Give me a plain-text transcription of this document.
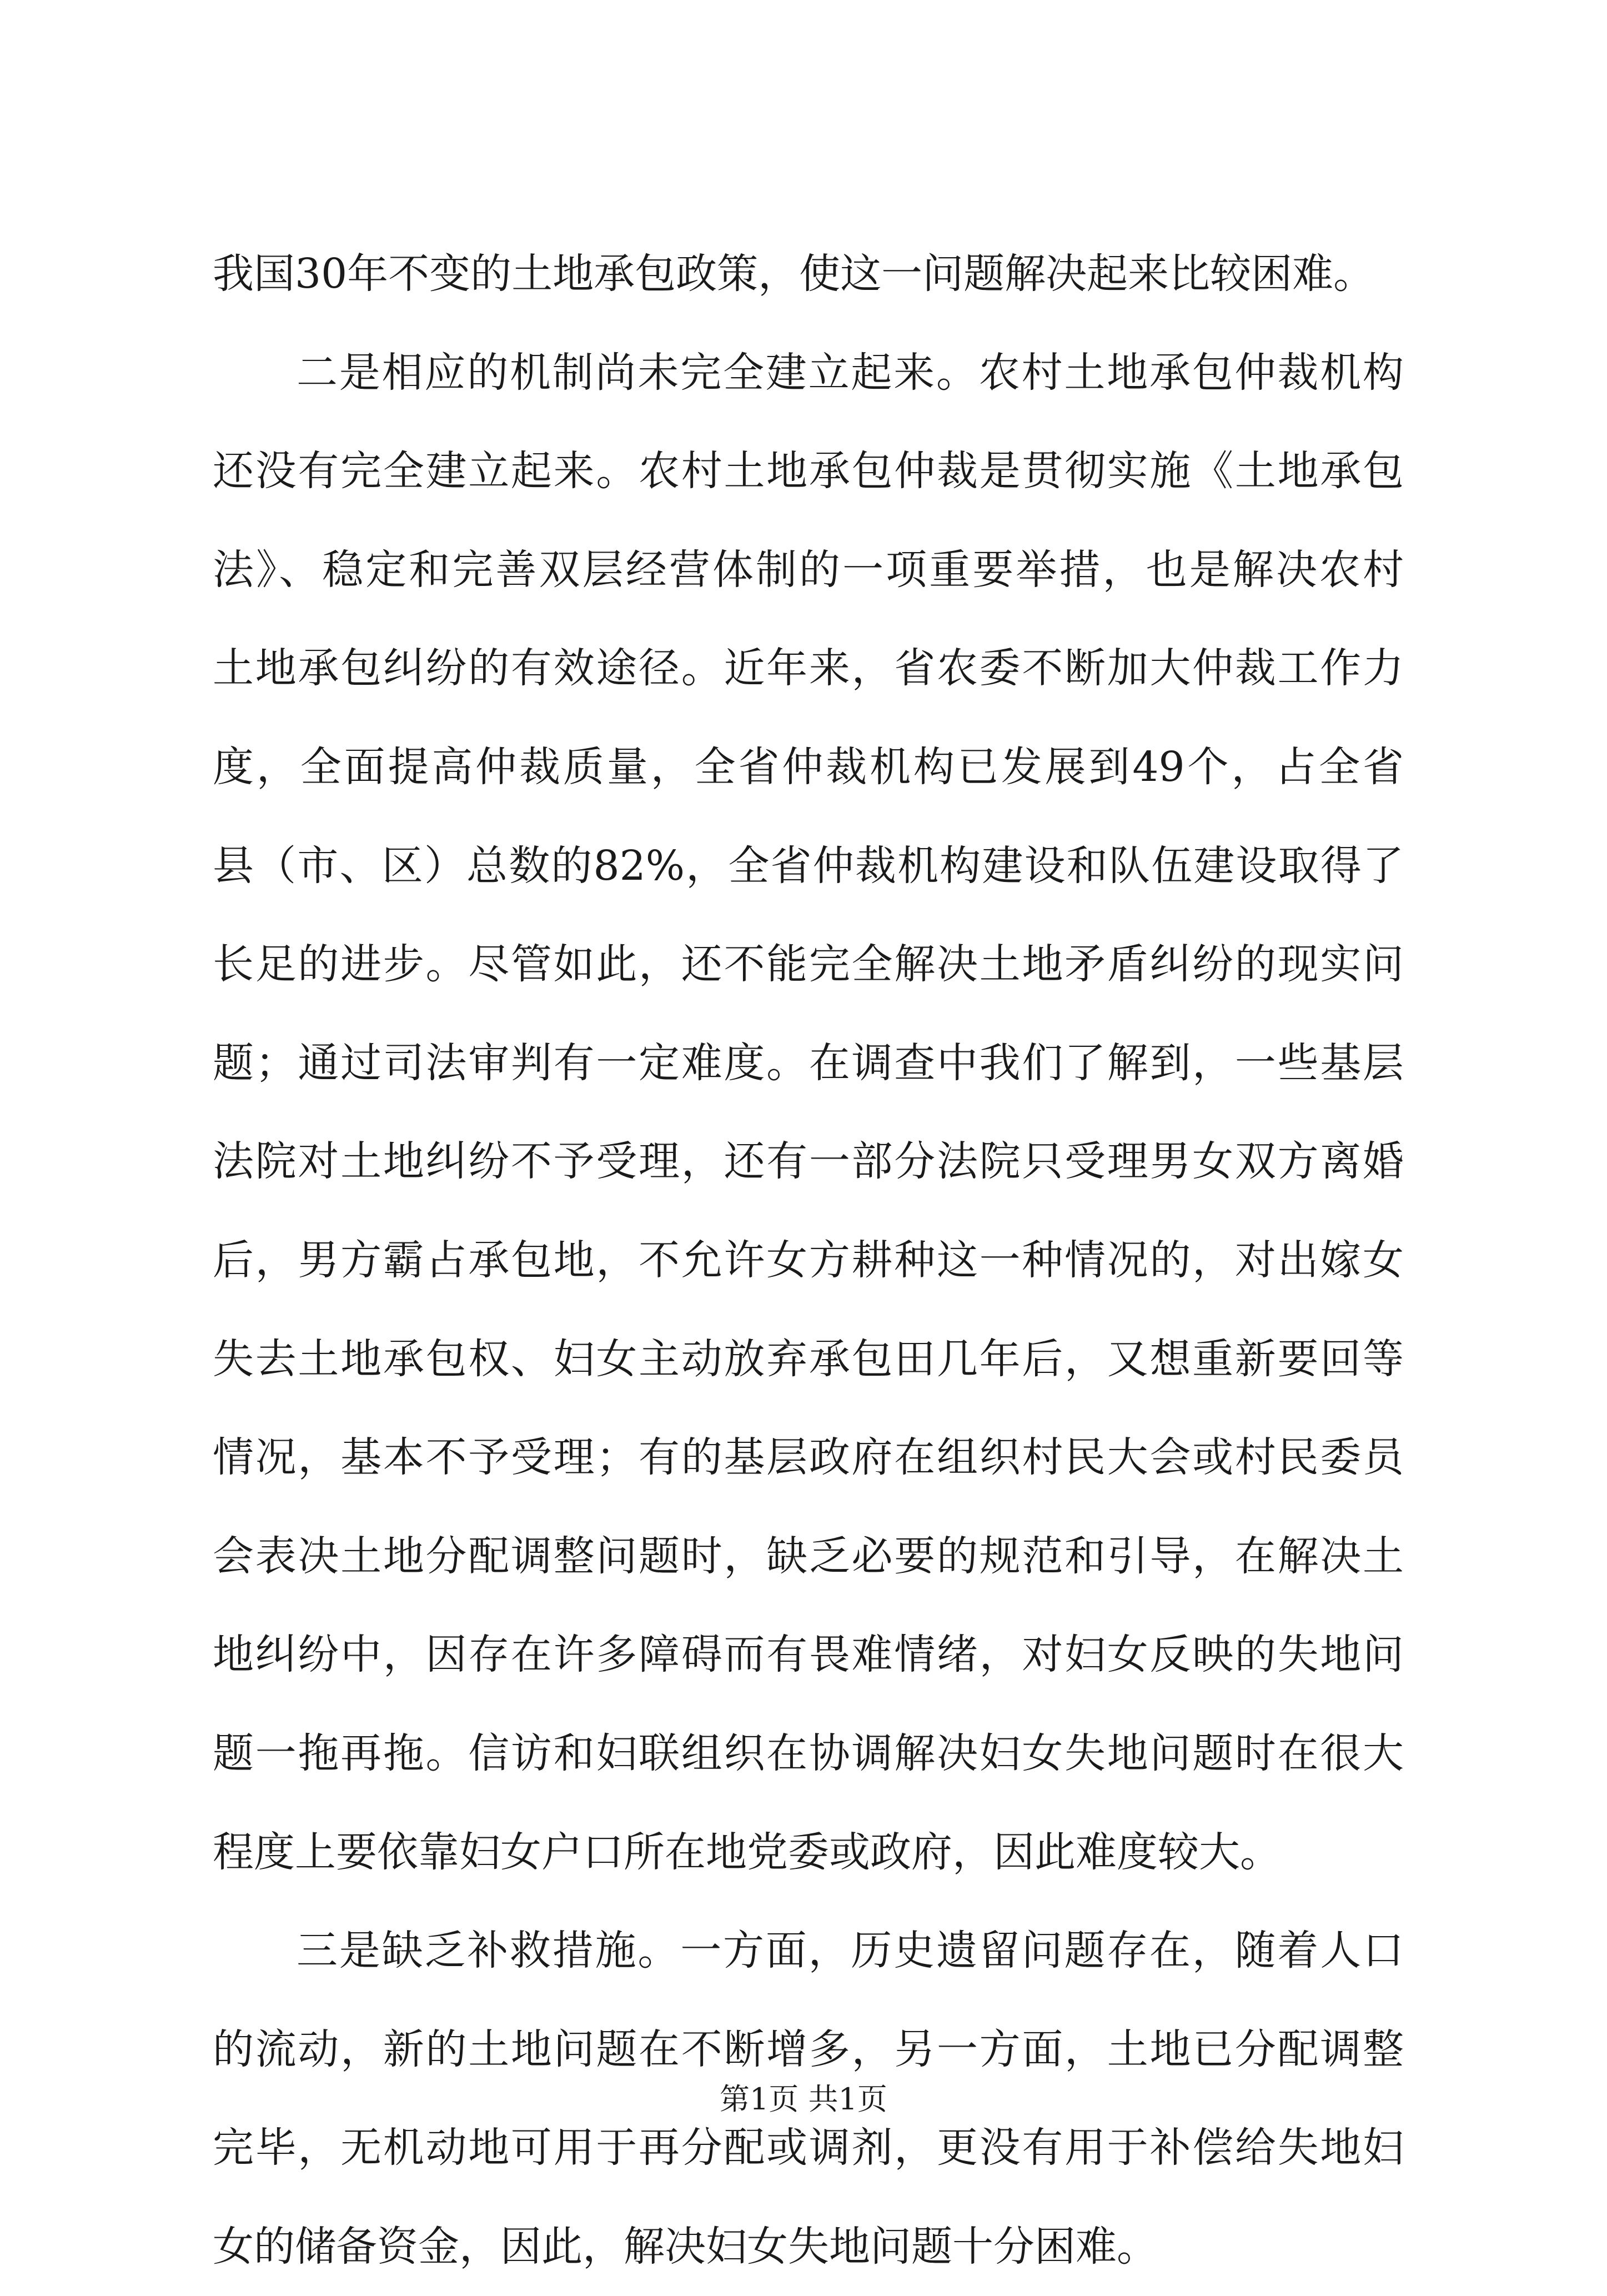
我国30年不变的土地承包政策，使这一问题解决起来比较困难。
二是相应的机制尚未完全建立起来。农村土地承包仲裁机构
还没有完全建立起来。农村土地承包仲裁是贯彻实施《土地承包
法》、稳定和完善双层经营体制的一项重要举措，也是解决农村
土地承包纠纷的有效途径。近年来，省农委不断加大仲裁工作力
度，全面提高仲裁质量，全省仲裁机构已发展到49个，占全省
县（市、区）总数的82%，全省仲裁机构建设和队伍建设取得了
长足的进步。尽管如此，还不能完全解决土地矛盾纠纷的现实问
题；通过司法审判有一定难度。在调查中我们了解到，一些基层
法院对土地纠纷不予受理，还有一部分法院只受理男女双方离婚
后，男方霸占承包地，不允许女方耕种这一种情况的，对出嫁女
失去土地承包权、妇女主动放弃承包田几年后，又想重新要回等
情况，基本不予受理；有的基层政府在组织村民大会或村民委员
会表决土地分配调整问题时，缺乏必要的规范和引导，在解决土
地纠纷中，因存在许多障碍而有畏难情绪，对妇女反映的失地问
题一拖再拖。信访和妇联组织在协调解决妇女失地问题时在很大
程度上要依靠妇女户口所在地党委或政府，因此难度较大。
三是缺乏补救措施。一方面，历史遗留问题存在，随着人口
的流动，新的土地问题在不断增多，另一方面，土地已分配调整
完毕，无机动地可用于再分配或调剂，更没有用于补偿给失地妇
女的储备资金，因此，解决妇女失地问题十分困难。
第1页 共1页
